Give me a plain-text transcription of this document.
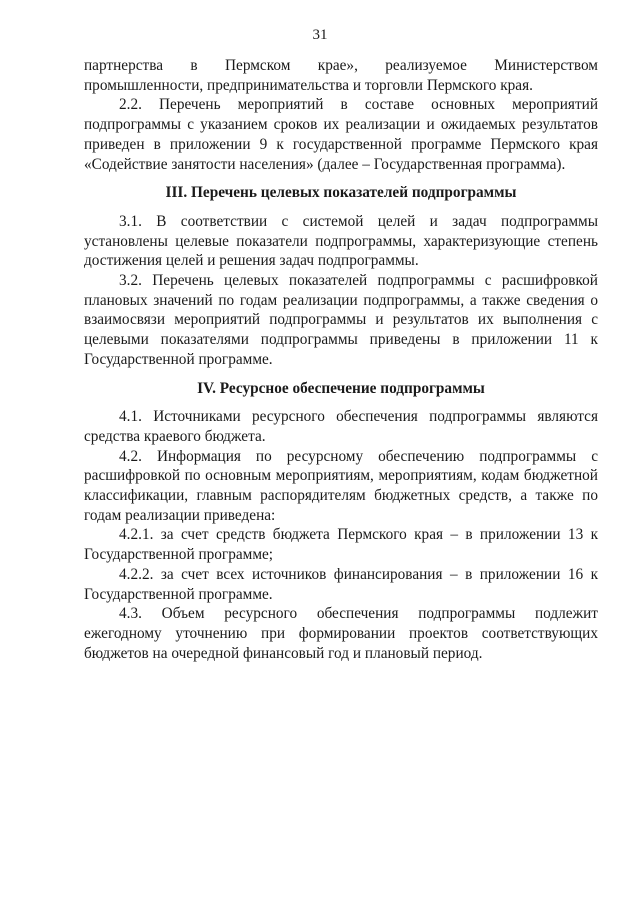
31

партнерства в Пермском крае», реализуемое Министерством промышленности, предпринимательства и торговли Пермского края.

2.2. Перечень мероприятий в составе основных мероприятий подпрограммы с указанием сроков их реализации и ожидаемых результатов приведен в приложении 9 к государственной программе Пермского края «Содействие занятости населения» (далее – Государственная программа).

III. Перечень целевых показателей подпрограммы

3.1. В соответствии с системой целей и задач подпрограммы установлены целевые показатели подпрограммы, характеризующие степень достижения целей и решения задач подпрограммы.

3.2. Перечень целевых показателей подпрограммы с расшифровкой плановых значений по годам реализации подпрограммы, а также сведения о взаимосвязи мероприятий подпрограммы и результатов их выполнения с целевыми показателями подпрограммы приведены в приложении 11 к Государственной программе.

IV. Ресурсное обеспечение подпрограммы

4.1. Источниками ресурсного обеспечения подпрограммы являются средства краевого бюджета.

4.2. Информация по ресурсному обеспечению подпрограммы с расшифровкой по основным мероприятиям, мероприятиям, кодам бюджетной классификации, главным распорядителям бюджетных средств, а также по годам реализации приведена:

4.2.1. за счет средств бюджета Пермского края – в приложении 13 к Государственной программе;

4.2.2. за счет всех источников финансирования – в приложении 16 к Государственной программе.

4.3. Объем ресурсного обеспечения подпрограммы подлежит ежегодному уточнению при формировании проектов соответствующих бюджетов на очередной финансовый год и плановый период.
